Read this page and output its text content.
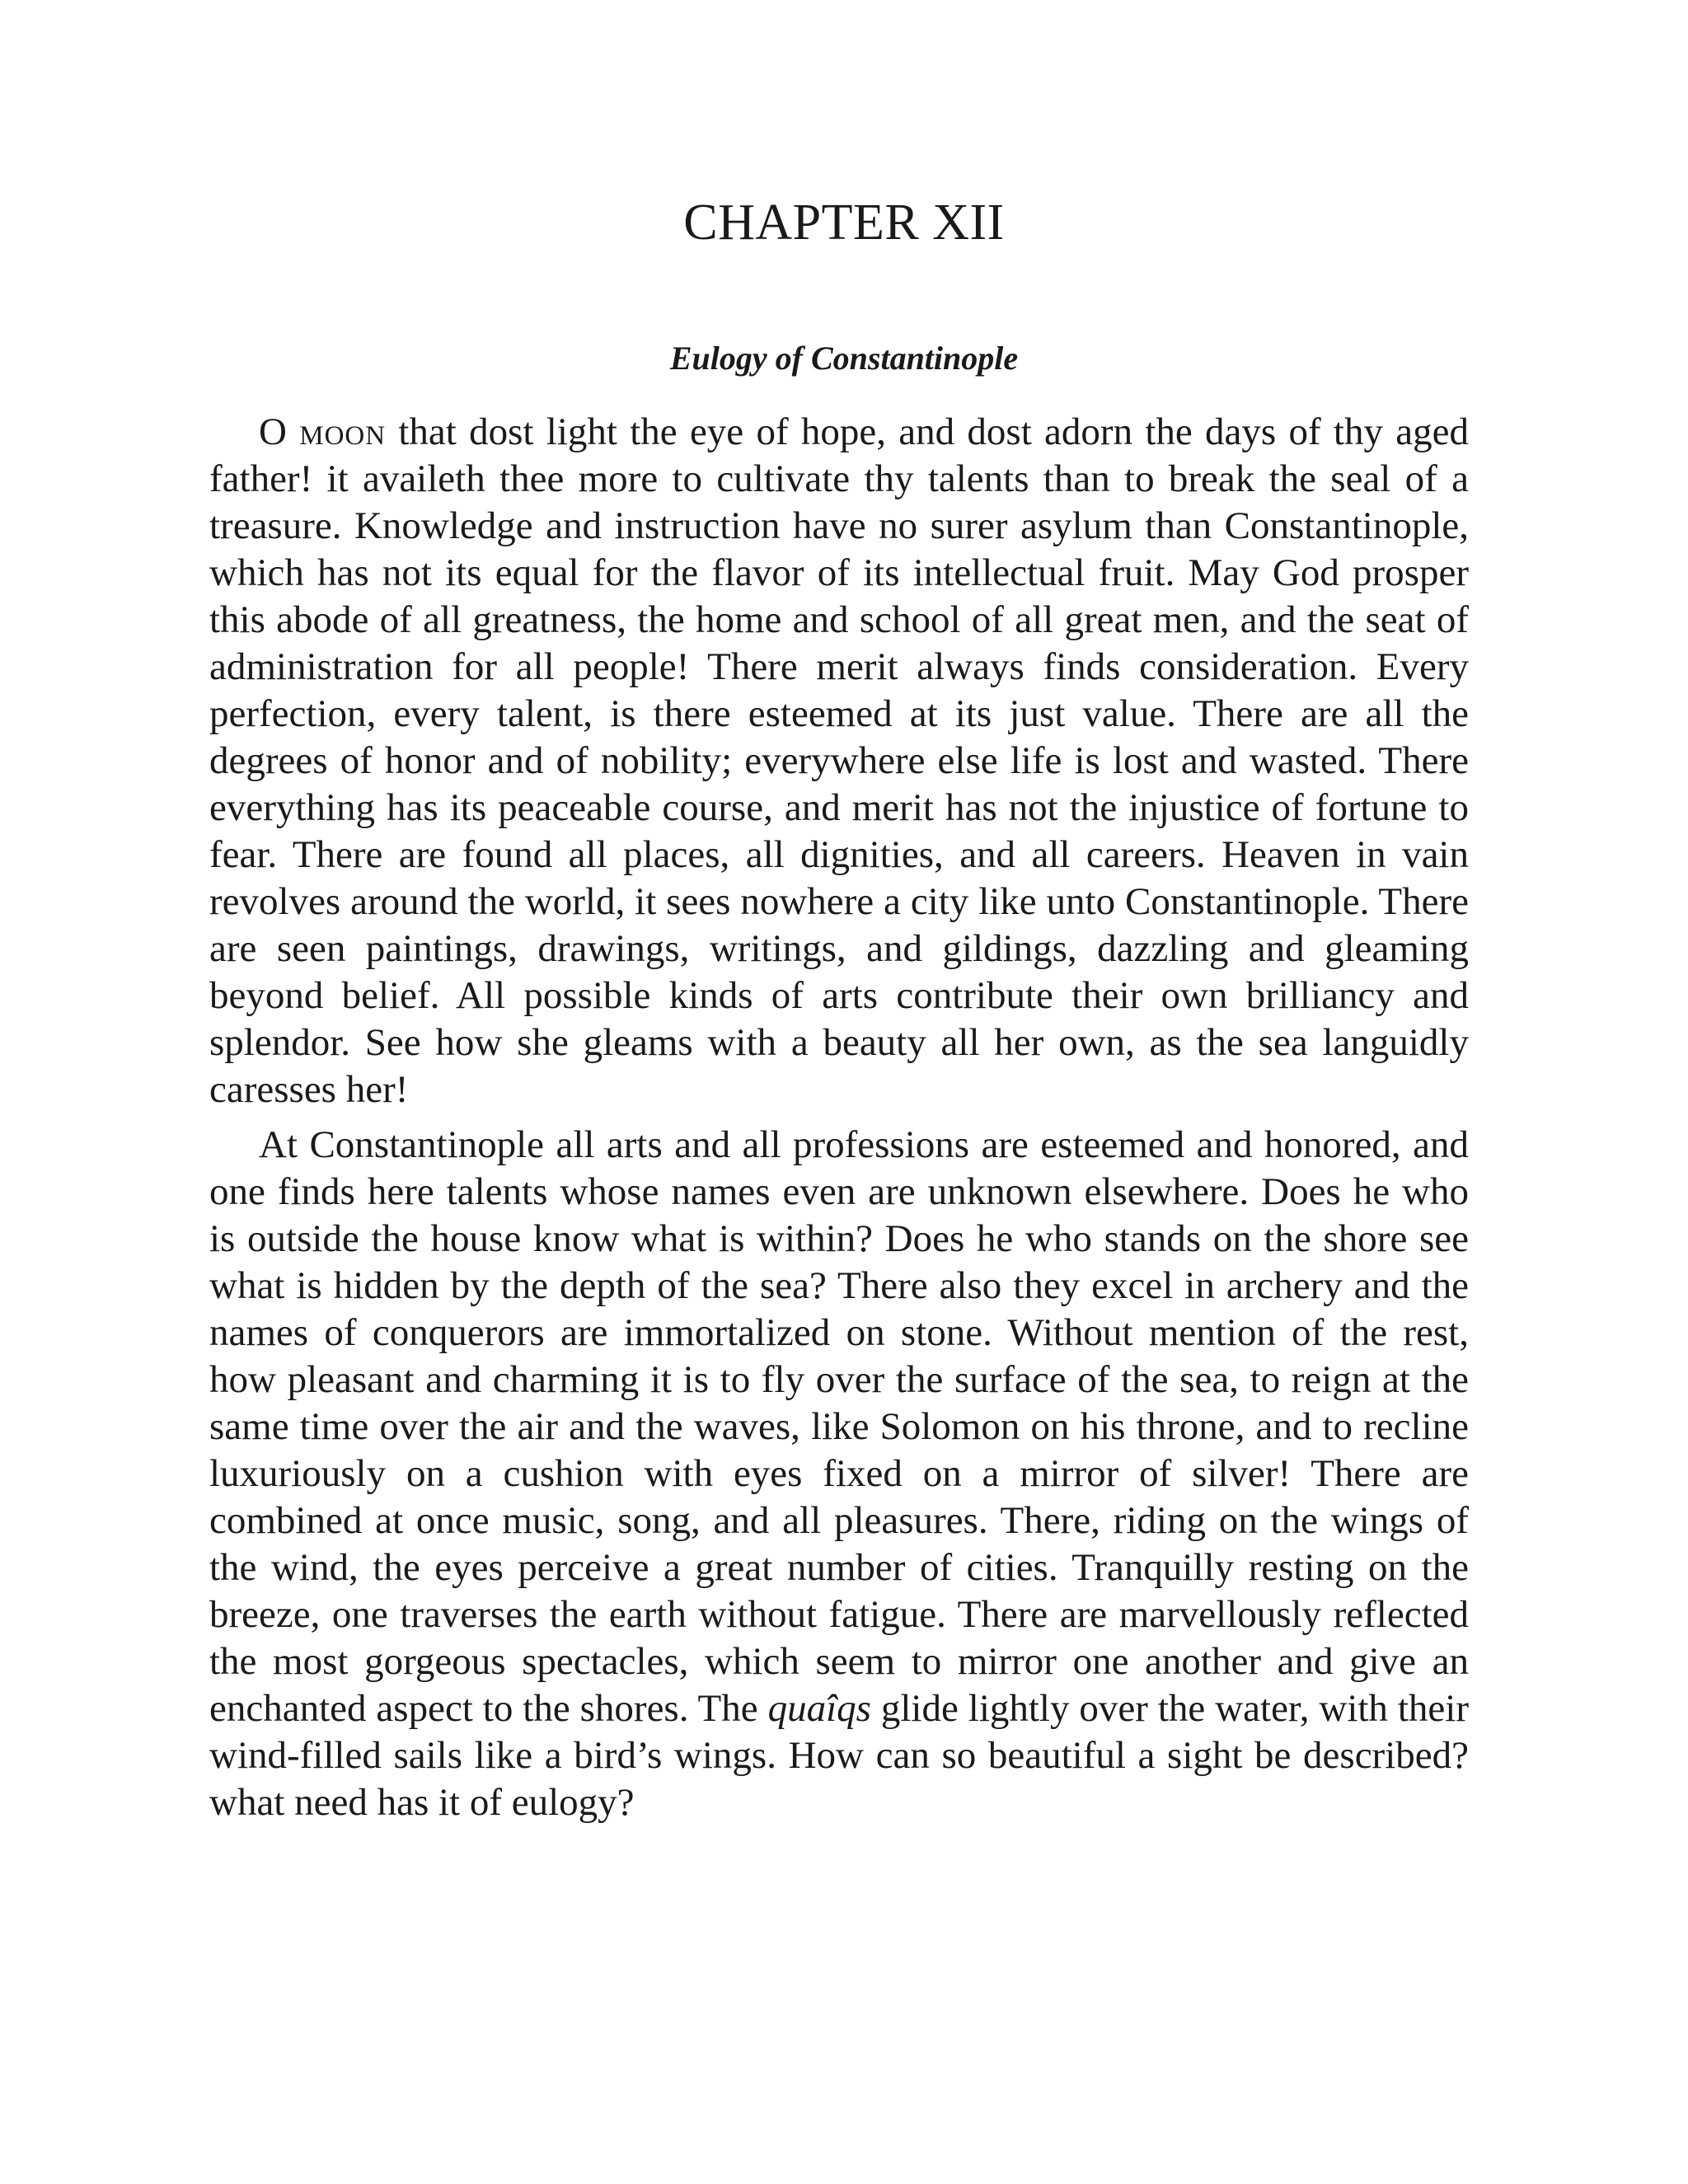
CHAPTER XII
Eulogy of Constantinople

O moon that dost light the eye of hope, and dost adorn the days of thy aged father! it availeth thee more to cultivate thy talents than to break the seal of a treasure. Knowledge and instruction have no surer asylum than Constantinople, which has not its equal for the flavor of its intellectual fruit. May God prosper this abode of all greatness, the home and school of all great men, and the seat of administration for all people! There merit always finds consideration. Every perfection, every talent, is there esteemed at its just value. There are all the degrees of honor and of nobility; everywhere else life is lost and wasted. There everything has its peaceable course, and merit has not the injustice of fortune to fear. There are found all places, all dignities, and all careers. Heaven in vain revolves around the world, it sees nowhere a city like unto Constantinople. There are seen paintings, drawings, writings, and gildings, dazzling and gleaming beyond belief. All possible kinds of arts contribute their own brilliancy and splendor. See how she gleams with a beauty all her own, as the sea languidly caresses her!

At Constantinople all arts and all professions are esteemed and honored, and one finds here talents whose names even are unknown elsewhere. Does he who is outside the house know what is within? Does he who stands on the shore see what is hidden by the depth of the sea? There also they excel in archery and the names of conquerors are immortalized on stone. Without mention of the rest, how pleasant and charming it is to fly over the surface of the sea, to reign at the same time over the air and the waves, like Solomon on his throne, and to recline luxuriously on a cushion with eyes fixed on a mirror of silver! There are combined at once music, song, and all pleasures. There, riding on the wings of the wind, the eyes perceive a great number of cities. Tranquilly resting on the breeze, one traverses the earth without fatigue. There are marvellously reflected the most gorgeous spectacles, which seem to mirror one another and give an enchanted aspect to the shores. The quaîqs glide lightly over the water, with their wind-filled sails like a bird’s wings. How can so beautiful a sight be described? what need has it of eulogy?
